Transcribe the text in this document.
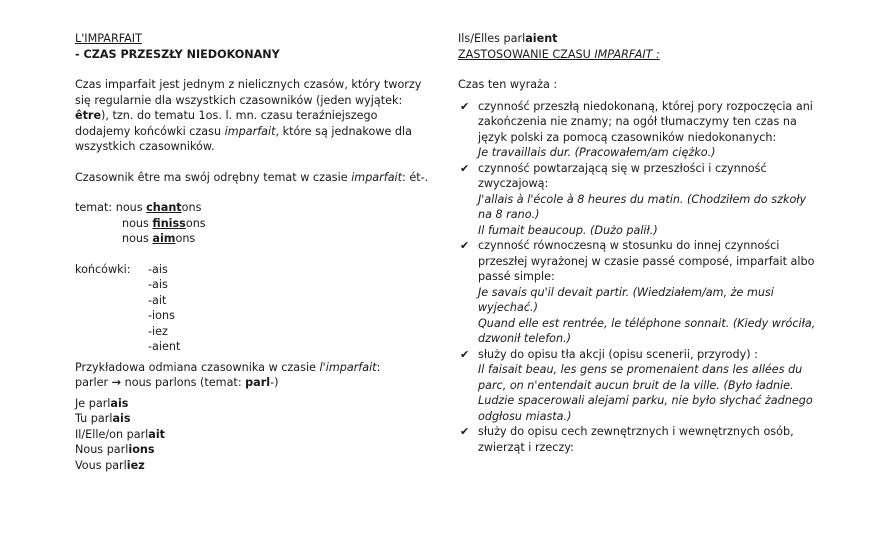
L'IMPARFAIT

- CZAS PRZESZŁY NIEDOKONANY

Czas imparfait jest jednym z nielicznych czasów, który tworzy się regularnie dla wszystkich czasowników (jeden wyjątek: être), tzn. do tematu 1os. l. mn. czasu teraźniejszego dodajemy końcówki czasu imparfait, które są jednakowe dla wszystkich czasowników.

Czasownik être ma swój odrębny temat w czasie imparfait: ét-.

temat: nous chantons

nous finissons

nous aimons

końcówki:	-ais
-ais
-ait
-ions
-iez
-aient

Przykładowa odmiana czasownika w czasie l'imparfait:

parler → nous parlons (temat: parl-)

Je parlais

Tu parlais

Il/Elle/on parlait

Nous parlions

Vous parliez

Ils/Elles parlaient

ZASTOSOWANIE CZASU IMPARFAIT :

Czas ten wyraża :

✔ czynność przeszłą niedokonaną, której pory rozpoczęcia ani zakończenia nie znamy; na ogół tłumaczymy ten czas na język polski za pomocą czasowników niedokonanych:
Je travaillais dur. (Pracowałem/am ciężko.)
✔ czynność powtarzającą się w przeszłości i czynność zwyczajową:
J'allais à l'école à 8 heures du matin. (Chodziłem do szkoły na 8 rano.)
Il fumait beaucoup. (Dużo palił.)
✔ czynność równoczesną w stosunku do innej czynności przeszłej wyrażonej w czasie passé composé, imparfait albo passé simple:
Je savais qu'il devait partir. (Wiedziałem/am, że musi wyjechać.)
Quand elle est rentrée, le téléphone sonnait. (Kiedy wróciła, dzwonił telefon.)
✔ służy do opisu tła akcji (opisu scenerii, przyrody) :
Il faisait beau, les gens se promenaient dans les allées du parc, on n'entendait aucun bruit de la ville. (Było ładnie. Ludzie spacerowali alejami parku, nie było słychać żadnego odgłosu miasta.)
✔ służy do opisu cech zewnętrznych i wewnętrznych osób, zwierząt i rzeczy:
